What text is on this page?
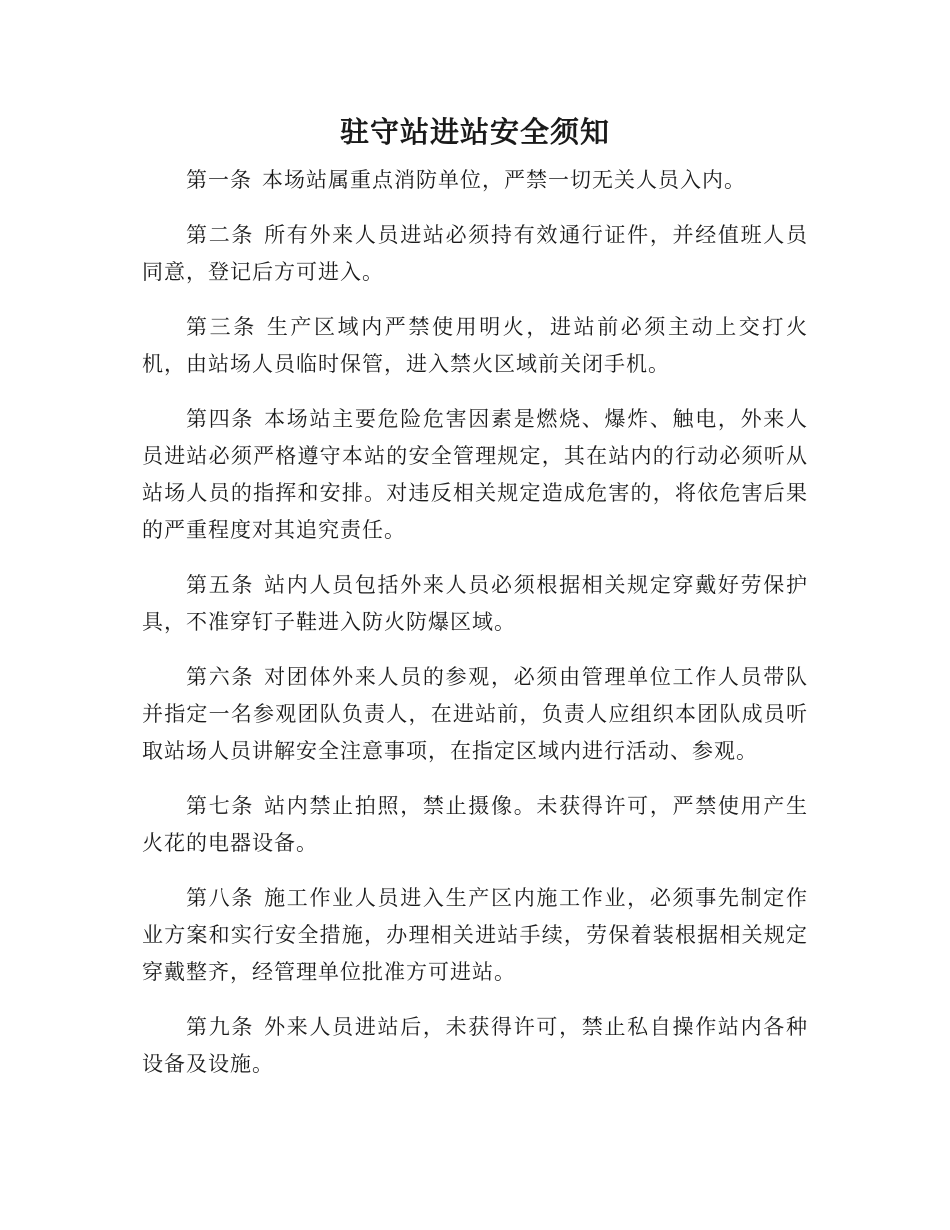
驻守站进站安全须知

第一条 本场站属重点消防单位，严禁一切无关人员入内。

第二条 所有外来人员进站必须持有效通行证件，并经值班人员同意，登记后方可进入。

第三条 生产区域内严禁使用明火，进站前必须主动上交打火机，由站场人员临时保管，进入禁火区域前关闭手机。

第四条 本场站主要危险危害因素是燃烧、爆炸、触电，外来人员进站必须严格遵守本站的安全管理规定，其在站内的行动必须听从站场人员的指挥和安排。对违反相关规定造成危害的，将依危害后果的严重程度对其追究责任。

第五条 站内人员包括外来人员必须根据相关规定穿戴好劳保护具，不准穿钉子鞋进入防火防爆区域。

第六条 对团体外来人员的参观，必须由管理单位工作人员带队并指定一名参观团队负责人，在进站前，负责人应组织本团队成员听取站场人员讲解安全注意事项，在指定区域内进行活动、参观。

第七条 站内禁止拍照，禁止摄像。未获得许可，严禁使用产生火花的电器设备。

第八条 施工作业人员进入生产区内施工作业，必须事先制定作业方案和实行安全措施，办理相关进站手续，劳保着装根据相关规定穿戴整齐，经管理单位批准方可进站。

第九条 外来人员进站后，未获得许可，禁止私自操作站内各种设备及设施。
